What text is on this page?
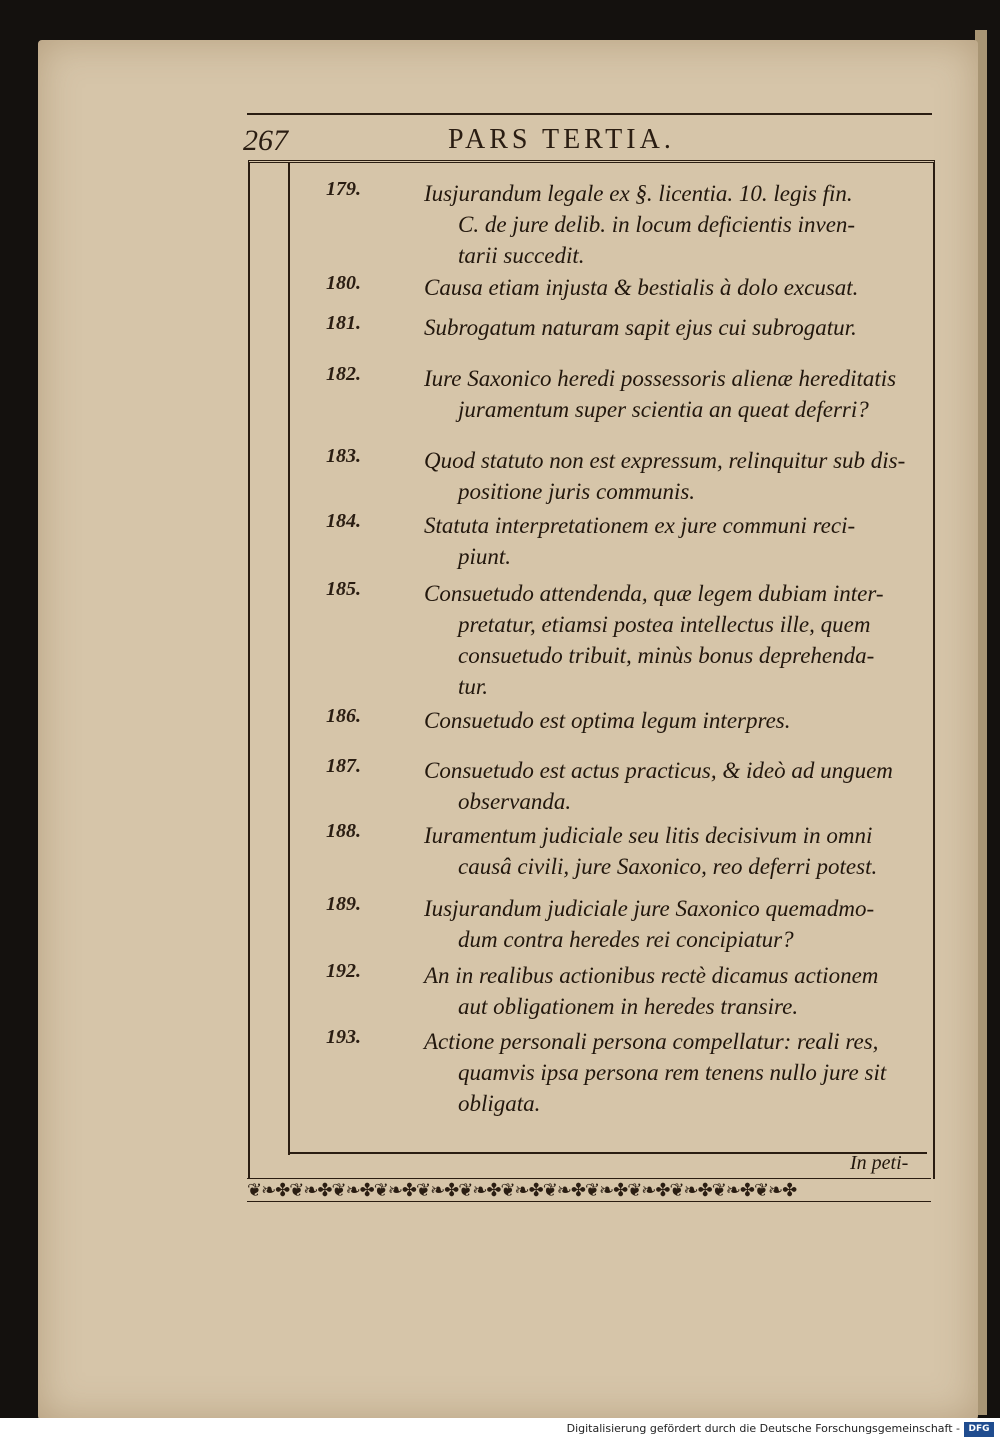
267	PARS TERTIA.
179.	Iusjurandum legale ex §. licentia. 10. legis fin.
C. de jure delib. in locum deficientis inven-
tarii succedit.
180.	Causa etiam injusta & bestialis à dolo excusat.
181.	Subrogatum naturam sapit ejus cui subrogatur.
182.	Iure Saxonico heredi possessoris alienæ hereditatis
juramentum super scientia an queat deferri?
183.	Quod statuto non est expressum, relinquitur sub dis-
positione juris communis.
184.	Statuta interpretationem ex jure communi reci-
piunt.
185.	Consuetudo attendenda, quæ legem dubiam inter-
pretatur, etiamsi postea intellectus ille, quem
consuetudo tribuit, minùs bonus deprehenda-
tur.
186.	Consuetudo est optima legum interpres.
187.	Consuetudo est actus practicus, & ideò ad unguem
observanda.
188.	Iuramentum judiciale seu litis decisivum in omni
causâ civili, jure Saxonico, reo deferri potest.
189.	Iusjurandum judiciale jure Saxonico quemadmo-
dum contra heredes rei concipiatur?
192.	An in realibus actionibus rectè dicamus actionem
aut obligationem in heredes transire.
193.	Actione personali persona compellatur: reali res,
quamvis ipsa persona rem tenens nullo jure sit
obligata.
In peti-
❦❧✤❦❧✤❦❧✤❦❧✤❦❧✤❦❧✤❦❧✤❦❧✤❦❧✤❦❧✤❦❧✤❦❧✤❦❧✤
Digitalisierung gefördert durch die Deutsche Forschungsgemeinschaft - DFG
